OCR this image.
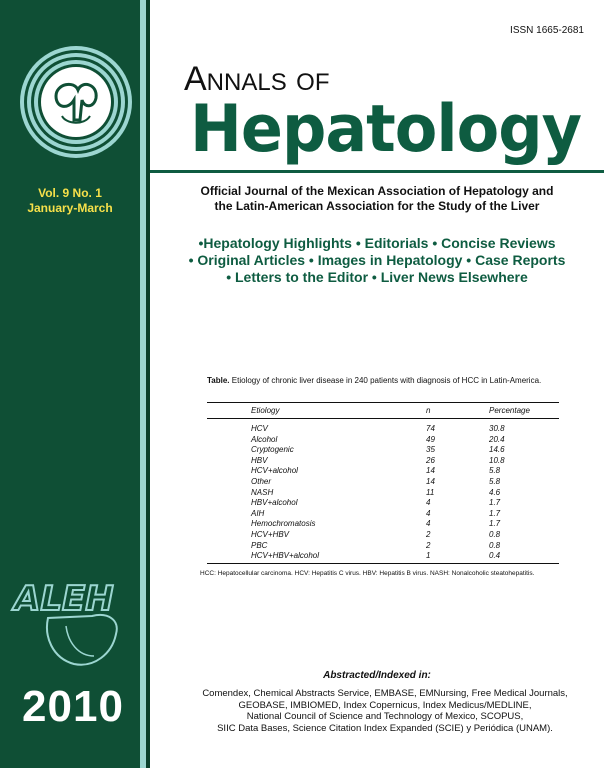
Vol. 9 No. 1
January-March
ALEH
2010
ISSN 1665-2681
Annals of
Hepatology
Official Journal of the Mexican Association of Hepatology and
the Latin-American Association for the Study of the Liver
•Hepatology Highlights • Editorials • Concise Reviews
• Original Articles • Images in Hepatology • Case Reports
• Letters to the Editor • Liver News Elsewhere
Table. Etiology of chronic liver disease in 240 patients with diagnosis of HCC in Latin-America.
Etiology	n	Percentage
HCV	74	30.8
Alcohol	49	20.4
Cryptogenic	35	14.6
HBV	26	10.8
HCV+alcohol	14	5.8
Other	14	5.8
NASH	11	4.6
HBV+alcohol	4	1.7
AIH	4	1.7
Hemochromatosis	4	1.7
HCV+HBV	2	0.8
PBC	2	0.8
HCV+HBV+alcohol	1	0.4
HCC: Hepatocellular carcinoma. HCV: Hepatitis C virus. HBV: Hepatitis B virus. NASH: Nonalcoholic steatohepatitis.
Abstracted/Indexed in:
Comendex, Chemical Abstracts Service, EMBASE, EMNursing, Free Medical Journals,
GEOBASE, IMBIOMED, Index Copernicus, Index Medicus/MEDLINE,
National Council of Science and Technology of Mexico, SCOPUS,
SIIC Data Bases, Science Citation Index Expanded (SCIE) y Periódica (UNAM).
